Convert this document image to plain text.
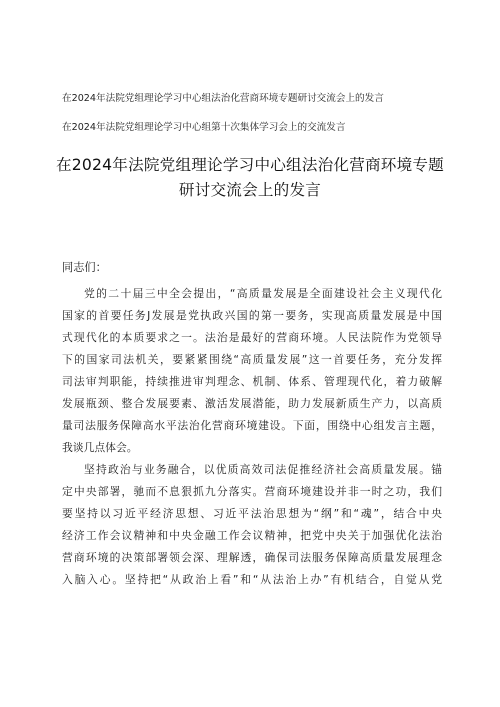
在2024年法院党组理论学习中心组法治化营商环境专题研讨交流会上的发言
在2024年法院党组理论学习中心组第十次集体学习会上的交流发言
在2024年法院党组理论学习中心组法治化营商环境专题
研讨交流会上的发言
同志们：
党的二十届三中全会提出，“高质量发展是全面建设社会主义现代化
国家的首要任务J发展是党执政兴国的第一要务，实现高质量发展是中国
式现代化的本质要求之一。法治是最好的营商环境。人民法院作为党领导
下的国家司法机关，要紧紧围绕“高质量发展”这一首要任务，充分发挥
司法审判职能，持续推进审判理念、机制、体系、管理现代化，着力破解
发展瓶颈、整合发展要素、激活发展潜能，助力发展新质生产力，以高质
量司法服务保障高水平法治化营商环境建设。下面，围绕中心组发言主题，
我谈几点体会。
坚持政治与业务融合，以优质高效司法促推经济社会高质量发展。锚
定中央部署，驰而不息狠抓九分落实。营商环境建设并非一时之功，我们
要坚持以习近平经济思想、习近平法治思想为“纲”和“魂”，结合中央
经济工作会议精神和中央金融工作会议精神，把党中央关于加强优化法治
营商环境的决策部署领会深、理解透，确保司法服务保障高质量发展理念
入脑入心。坚持把“从政治上看”和“从法治上办”有机结合，自觉从党
